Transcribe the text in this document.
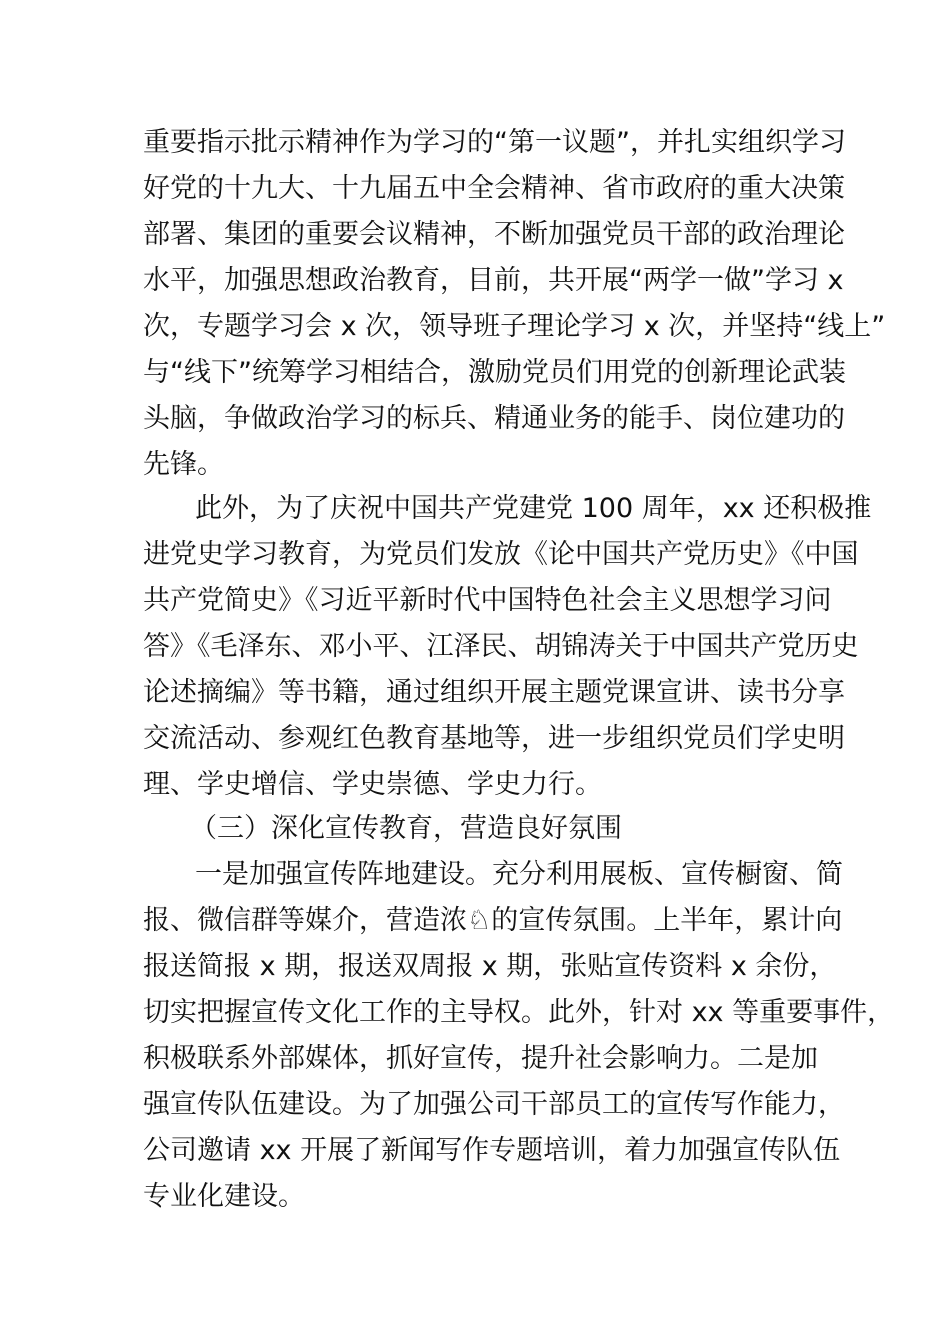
重要指示批示精神作为学习的“第一议题”，并扎实组织学习
好党的十九大、十九届五中全会精神、省市政府的重大决策
部署、集团的重要会议精神，不断加强党员干部的政治理论
水平，加强思想政治教育，目前，共开展“两学一做”学习 x
次，专题学习会 x 次，领导班子理论学习 x 次，并坚持“线上”
与“线下”统筹学习相结合，激励党员们用党的创新理论武装
头脑，争做政治学习的标兵、精通业务的能手、岗位建功的
先锋。
此外，为了庆祝中国共产党建党 100 周年，xx 还积极推
进党史学习教育，为党员们发放《论中国共产党历史》《中国
共产党简史》《习近平新时代中国特色社会主义思想学习问
答》《毛泽东、邓小平、江泽民、胡锦涛关于中国共产党历史
论述摘编》等书籍，通过组织开展主题党课宣讲、读书分享
交流活动、参观红色教育基地等，进一步组织党员们学史明
理、学史增信、学史崇德、学史力行。
（三）深化宣传教育，营造良好氛围
一是加强宣传阵地建设。充分利用展板、宣传橱窗、简
报、微信群等媒介，营造浓♘的宣传氛围。上半年，累计向
报送简报 x 期，报送双周报 x 期，张贴宣传资料 x 余份，
切实把握宣传文化工作的主导权。此外，针对 xx 等重要事件，
积极联系外部媒体，抓好宣传，提升社会影响力。二是加
强宣传队伍建设。为了加强公司干部员工的宣传写作能力，
公司邀请 xx 开展了新闻写作专题培训，着力加强宣传队伍
专业化建设。
